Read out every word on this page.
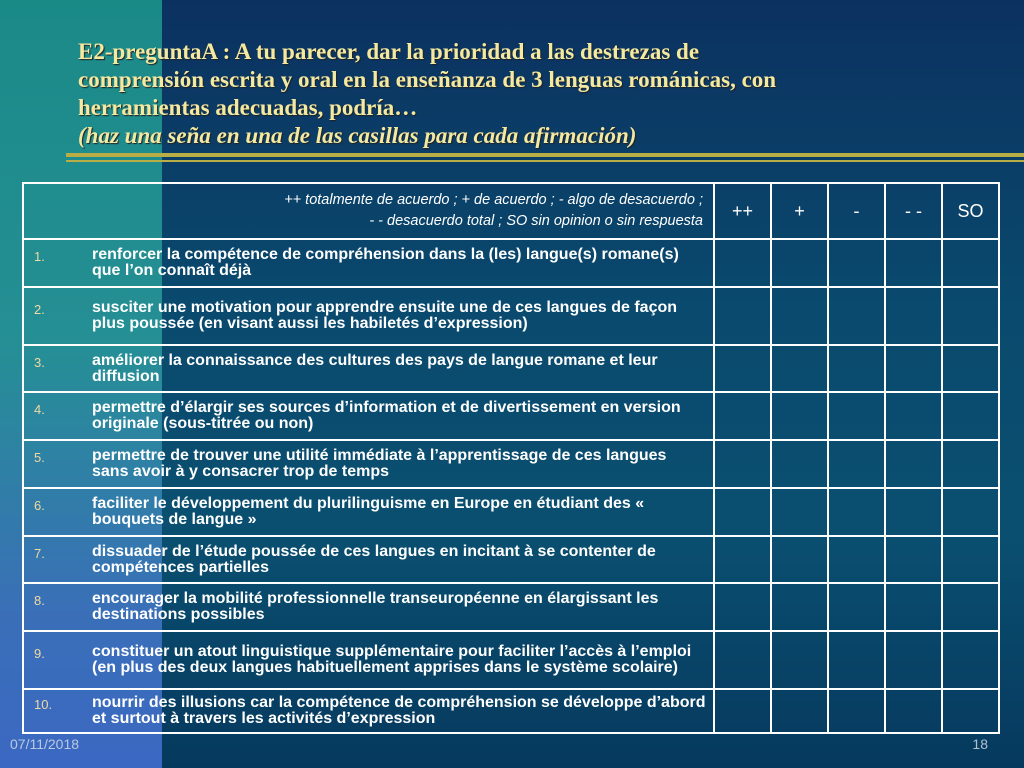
E2-preguntaA : A tu parecer, dar la prioridad a las destrezas de
comprensión escrita y oral en la enseñanza de 3 lenguas románicas, con
herramientas adecuadas, podría…
(haz una seña en una de las casillas para cada afirmación)
++ totalmente de acuerdo ; + de acuerdo ; - algo de desacuerdo ;
- - desacuerdo total ; SO sin opinion o sin respuesta	++	+	-	- -	SO

1. renforcer la compétence de compréhension dans la (les) langue(s) romane(s) que l’on connaît déjà					

2. susciter une motivation pour apprendre ensuite une de ces langues de façon plus poussée (en visant aussi les habiletés d’expression)					

3. améliorer la connaissance des cultures des pays de langue romane et leur diffusion					

4. permettre d’élargir ses sources d’information et de divertissement en version originale (sous-titrée ou non)					

5. permettre de trouver une utilité immédiate à l’apprentissage de ces langues sans avoir à y consacrer trop de temps					

6. faciliter le développement du plurilinguisme en Europe en étudiant des « bouquets de langue »					

7. dissuader de l’étude poussée de ces langues en incitant à se contenter de compétences partielles					

8. encourager la mobilité professionnelle transeuropéenne en élargissant les destinations possibles					

9. constituer un atout linguistique supplémentaire pour faciliter l’accès à l’emploi (en plus des deux langues habituellement apprises dans le système scolaire)					

10. nourrir des illusions car la compétence de compréhension se développe d’abord et surtout à travers les activités d’expression					

07/11/2018	18
